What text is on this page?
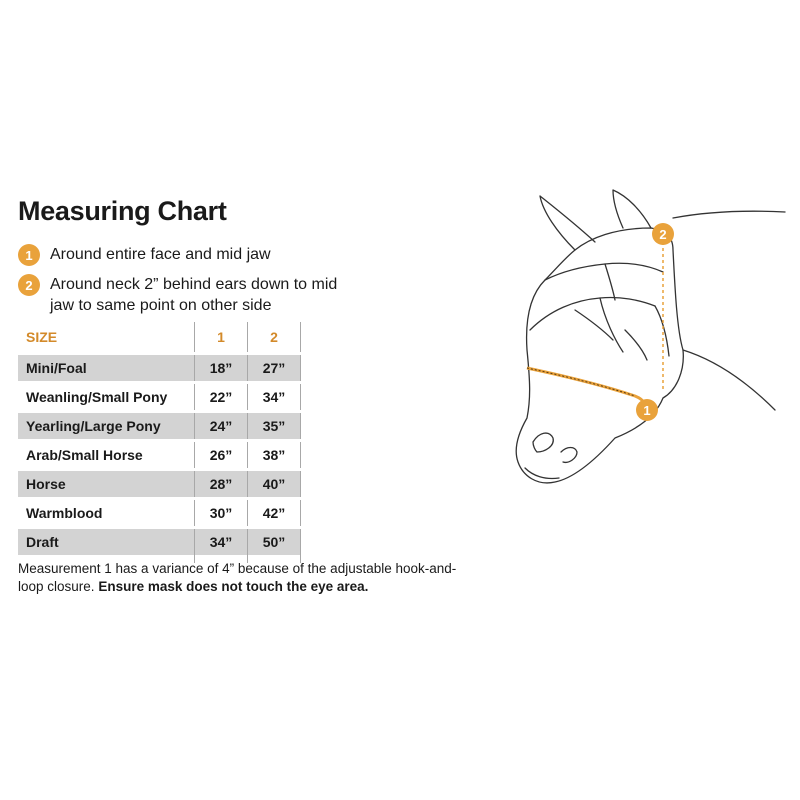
Measuring Chart
1	Around entire face and mid jaw
2	Around neck 2” behind ears down to mid jaw to same point on other side
SIZE	1	2
Mini/Foal	18”	27”
Weanling/Small Pony	22”	34”
Yearling/Large Pony	24”	35”
Arab/Small Horse	26”	38”
Horse	28”	40”
Warmblood	30”	42”
Draft	34”	50”

Measurement 1 has a variance of 4” because of the adjustable hook-and-loop closure. Ensure mask does not touch the eye area.
1
2
